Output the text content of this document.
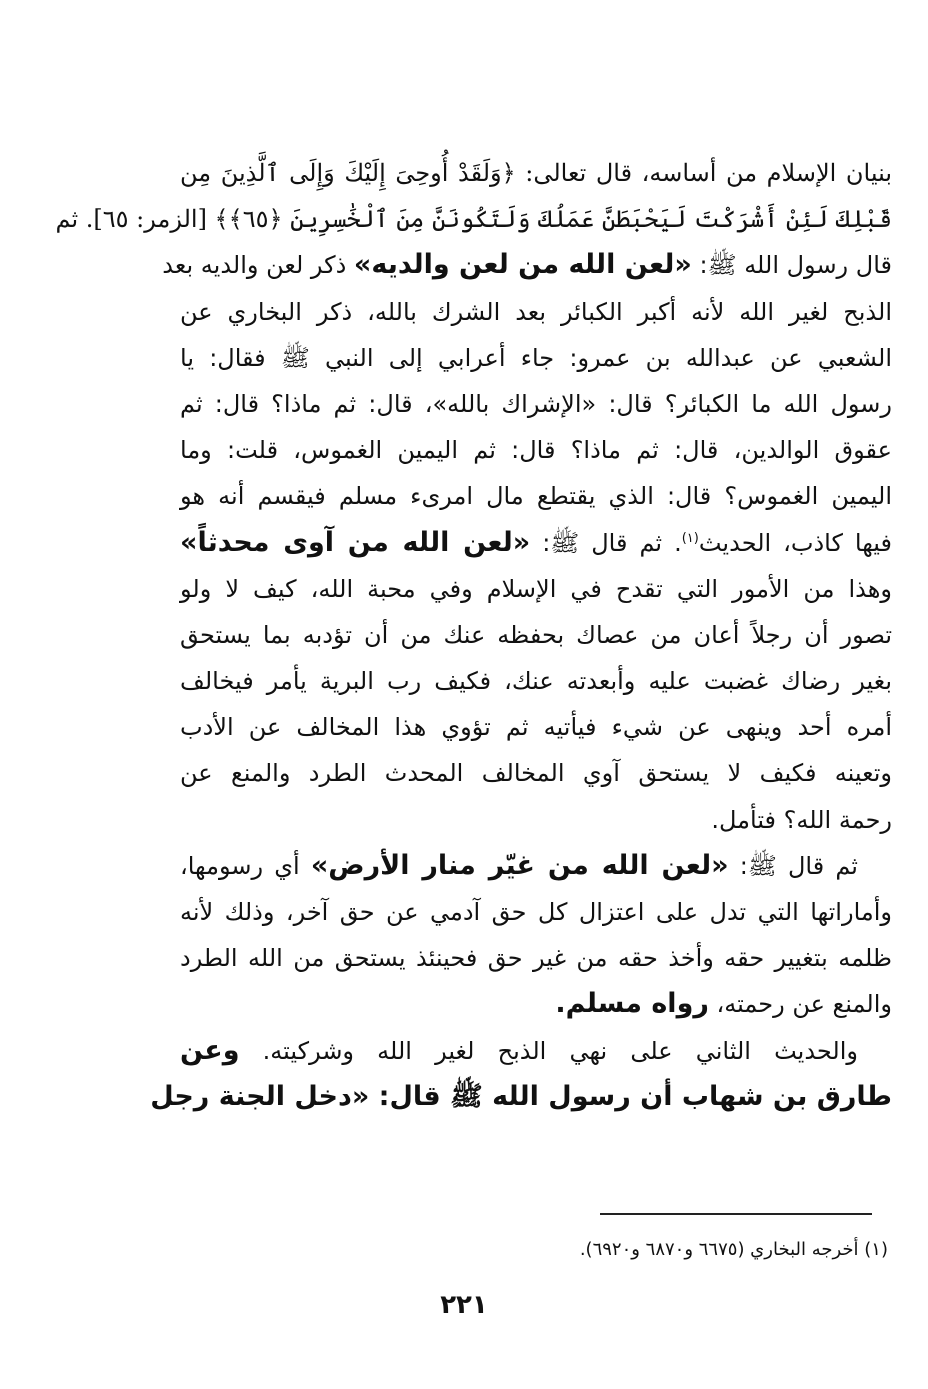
بنيان الإسلام من أساسه، قال تعالى: ﴿وَلَقَدْ أُوحِىَ إِلَيْكَ وَإِلَى ٱلَّذِينَ مِن
قَبْلِكَ لَئِنْ أَشْرَكْتَ لَيَحْبَطَنَّ عَمَلُكَ وَلَتَكُونَنَّ مِنَ ٱلْخَٰسِرِينَ ﴿٦٥﴾﴾ [الزمر: ٦٥]. ثم
قال رسول الله ﷺ: «لعن الله من لعن والديه» ذكر لعن والديه بعد
الذبح لغير الله لأنه أكبر الكبائر بعد الشرك بالله، ذكر البخاري عن
الشعبي عن عبدالله بن عمرو: جاء أعرابي إلى النبي ﷺ فقال: يا
رسول الله ما الكبائر؟ قال: «الإشراك بالله»، قال: ثم ماذا؟ قال: ثم
عقوق الوالدين، قال: ثم ماذا؟ قال: ثم اليمين الغموس، قلت: وما
اليمين الغموس؟ قال: الذي يقتطع مال امرىء مسلم فيقسم أنه هو
فيها كاذب، الحديث$^{(١)}$. ثم قال ﷺ: «لعن الله من آوى محدثاً»
وهذا من الأمور التي تقدح في الإسلام وفي محبة الله، كيف لا ولو
تصور أن رجلاً أعان من عصاك بحفظه عنك من أن تؤدبه بما يستحق
بغير رضاك غضبت عليه وأبعدته عنك، فكيف رب البرية يأمر فيخالف
أمره أحد وينهى عن شيء فيأتيه ثم تؤوي هذا المخالف عن الأدب
وتعينه فكيف لا يستحق آوي المخالف المحدث الطرد والمنع عن
رحمة الله؟ فتأمل.
ثم قال ﷺ: «لعن الله من غيّر منار الأرض» أي رسومها،
وأماراتها التي تدل على اعتزال كل حق آدمي عن حق آخر، وذلك لأنه
ظلمه بتغيير حقه وأخذ حقه من غير حق فحينئذ يستحق من الله الطرد
والمنع عن رحمته، رواه مسلم.
والحديث الثاني على نهي الذبح لغير الله وشركيته. وعن
طارق بن شهاب أن رسول الله ﷺ قال: «دخل الجنة رجل
(١) أخرجه البخاري (٦٦٧٥ و٦٨٧٠ و٦٩٢٠).
٢٢١
